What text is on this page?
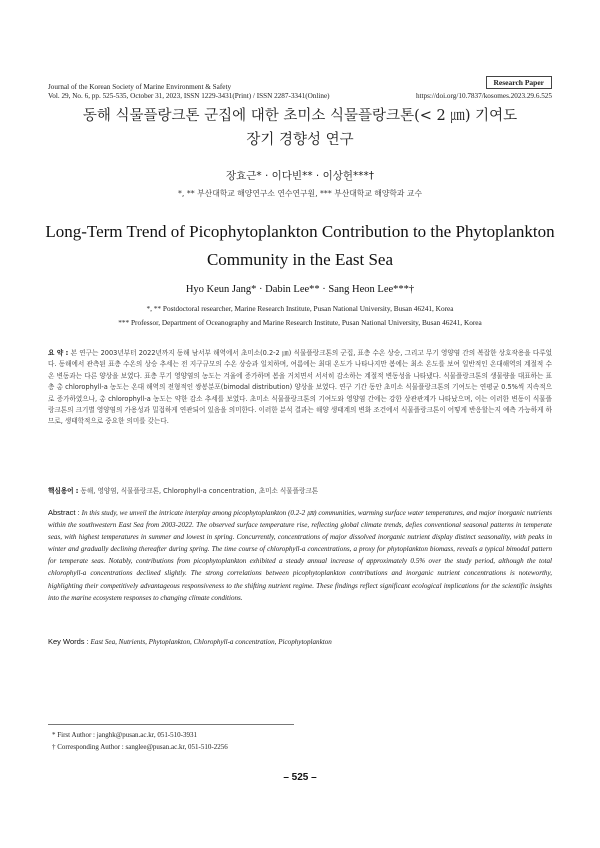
Journal of the Korean Society of Marine Environment & Safety	Research Paper
Vol. 29, No. 6, pp. 525-535, October 31, 2023, ISSN 1229-3431(Print) / ISSN 2287-3341(Online)	https://doi.org/10.7837/kosomes.2023.29.6.525
동해 식물플랑크톤 군집에 대한 초미소 식물플랑크톤(< 2 ㎛) 기여도
장기 경향성 연구
장효근* · 이다빈** · 이상헌***†
*, ** 부산대학교 해양연구소 연수연구원, *** 부산대학교 해양학과 교수
Long-Term Trend of Picophytoplankton Contribution to the Phytoplankton
Community in the East Sea
Hyo Keun Jang* · Dabin Lee** · Sang Heon Lee***†
*, ** Postdoctoral researcher, Marine Research Institute, Pusan National University, Busan 46241, Korea
*** Professor, Department of Oceanography and Marine Research Institute, Pusan National University, Busan 46241, Korea
요 약 : 본 연구는 2003년부터 2022년까지 동해 남서부 해역에서 초미소(0.2-2 ㎛) 식물플랑크톤의 군집, 표층 수온 상승, 그리고 무기 영양염 간의 복잡한 상호작용을 다루었다. 동해에서 관측된 표층 수온의 상승 추세는 전 지구규모의 수온 상승과 일치하며, 여름에는 최대 온도가 나타나지만 봄에는 최소 온도를 보여 일반적인 온대해역의 계절적 수온 변동과는 다른 양상을 보였다. 표층 무기 영양염의 농도는 겨울에 증가하며 봄을 거치면서 서서히 감소하는 계절적 변동성을 나타냈다. 식물플랑크톤의 생물량을 대표하는 표층 총 chlorophyll-a 농도는 온대 해역의 전형적인 쌍봉분포(bimodal distribution) 양상을 보였다. 연구 기간 동안 초미소 식물플랑크톤의 기여도는 연평균 0.5%씩 지속적으로 증가하였으나, 총 chlorophyll-a 농도는 약한 감소 추세를 보였다. 초미소 식물플랑크톤의 기여도와 영양염 간에는 강한 상관관계가 나타났으며, 이는 이러한 변동이 식물플랑크톤의 크기별 영양염의 가용성과 밀접하게 연관되어 있음을 의미한다. 이러한 분석 결과는 해양 생태계의 변화 조건에서 식물플랑크톤이 어떻게 반응할는지 예측 가능하게 하므로, 생태학적으로 중요한 의미를 갖는다.
핵심용어 : 동해, 영양염, 식물플랑크톤, Chlorophyll-a concentration, 초미소 식물플랑크톤
Abstract : In this study, we unveil the intricate interplay among picophytoplankton (0.2-2 ㎛) communities, warming surface water temperatures, and major inorganic nutrients within the southwestern East Sea from 2003-2022. The observed surface temperature rise, reflecting global climate trends, defies conventional seasonal patterns in temperate seas, with highest temperatures in summer and lowest in spring. Concurrently, concentrations of major dissolved inorganic nutrient display distinct seasonality, with peaks in winter and gradually declining thereafter during spring. The time course of chlorophyll-a concentrations, a proxy for phytoplankton biomass, reveals a typical bimodal pattern for temperate seas. Notably, contributions from picophytoplankton exhibited a steady annual increase of approximately 0.5% over the study period, although the total chlorophyll-a concentrations declined slightly. The strong correlations between picophytoplankton contributions and inorganic nutrient concentrations is noteworthy, highlighting their competitively advantageous responsiveness to the shifting nutrient regime. These findings reflect significant ecological implications for the scientific insights into the marine ecosystem responses to changing climate conditions.
Key Words : East Sea, Nutrients, Phytoplankton, Chlorophyll-a concentration, Picophytoplankton
* First Author : janghk@pusan.ac.kr, 051-510-3931
† Corresponding Author : sanglee@pusan.ac.kr, 051-510-2256
– 525 –
